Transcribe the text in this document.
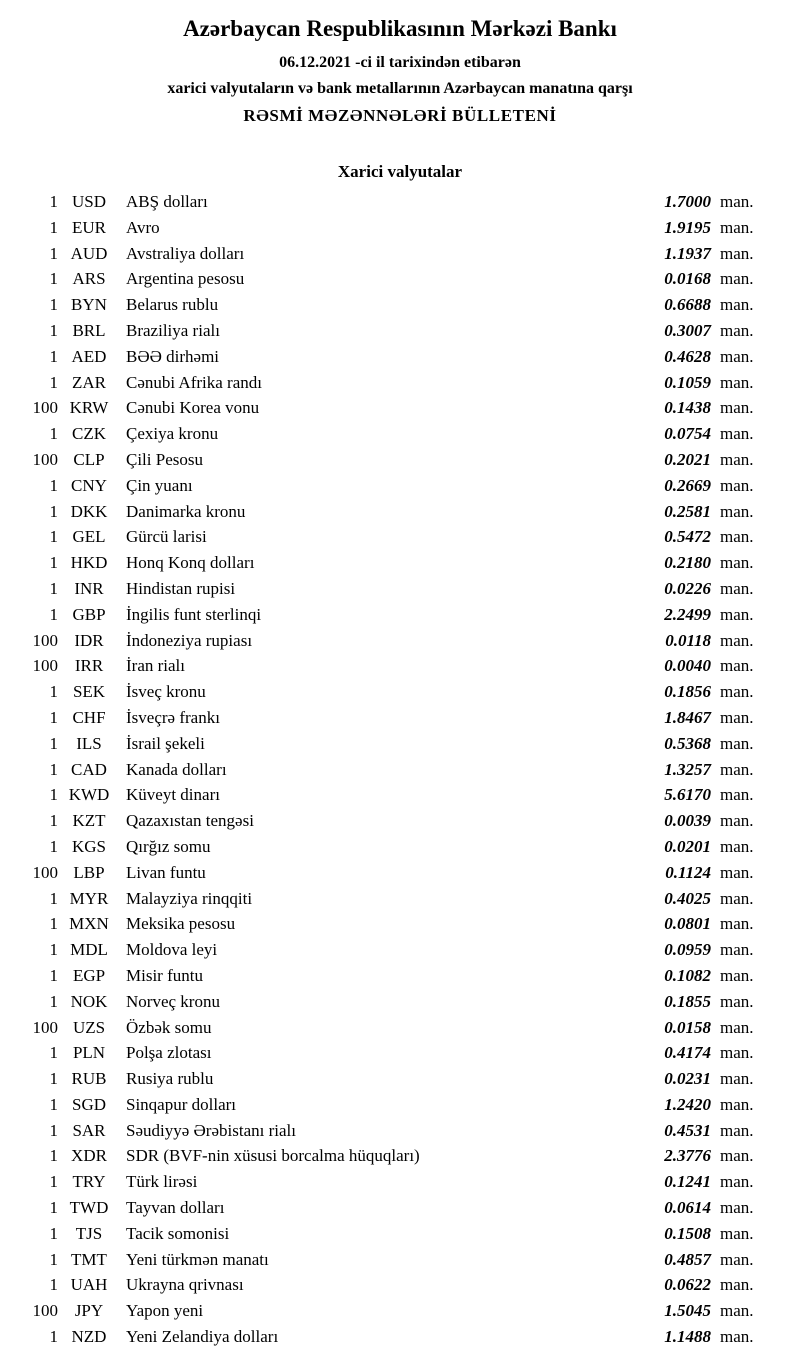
Azərbaycan Respublikasının Mərkəzi Bankı
06.12.2021 -ci il tarixindən etibarən
xarici valyutaların və bank metallarının Azərbaycan manatına qarşı
RƏSMİ MƏZƏNNƏLƏRİ BÜLLETENİ
Xarici valyutalar
1 USD	ABŞ dolları	1.7000 man.
1 EUR	Avro	1.9195 man.
1 AUD	Avstraliya dolları	1.1937 man.
1 ARS	Argentina pesosu	0.0168 man.
1 BYN	Belarus rublu	0.6688 man.
1 BRL	Braziliya rialı	0.3007 man.
1 AED	BƏƏ dirhəmi	0.4628 man.
1 ZAR	Cənubi Afrika randı	0.1059 man.
100 KRW	Cənubi Korea vonu	0.1438 man.
1 CZK	Çexiya kronu	0.0754 man.
100 CLP	Çili Pesosu	0.2021 man.
1 CNY	Çin yuanı	0.2669 man.
1 DKK	Danimarka kronu	0.2581 man.
1 GEL	Gürcü larisi	0.5472 man.
1 HKD	Honq Konq dolları	0.2180 man.
1 INR	Hindistan rupisi	0.0226 man.
1 GBP	İngilis funt sterlinqi	2.2499 man.
100 IDR	İndoneziya rupiası	0.0118 man.
100 IRR	İran rialı	0.0040 man.
1 SEK	İsveç kronu	0.1856 man.
1 CHF	İsveçrə frankı	1.8467 man.
1	ILS	İsrail şekeli	0.5368 man.
1 CAD	Kanada dolları	1.3257 man.
1 KWD Küveyt dinarı	5.6170 man.
1 KZT	Qazaxıstan tengəsi	0.0039 man.
1 KGS	Qırğız somu	0.0201 man.
100 LBP	Livan funtu	0.1124 man.
1 MYR	Malayziya rinqqiti	0.4025 man.
1 MXN	Meksika pesosu	0.0801 man.
1 MDL	Moldova leyi	0.0959 man.
1 EGP	Misir funtu	0.1082 man.
1 NOK	Norveç kronu	0.1855 man.
100 UZS	Özbək somu	0.0158 man.
1 PLN	Polşa zlotası	0.4174 man.
1 RUB	Rusiya rublu	0.0231 man.
1 SGD	Sinqapur dolları	1.2420 man.
1 SAR	Səudiyyə Ərəbistanı rialı	0.4531 man.
1 XDR	SDR (BVF-nin xüsusi borcalma hüquqları)	2.3776 man.
1 TRY	Türk lirəsi	0.1241 man.
1 TWD	Tayvan dolları	0.0614 man.
1	TJS	Tacik somonisi	0.1508 man.
1 TMT	Yeni türkmən manatı	0.4857 man.
1 UAH	Ukrayna qrivnası	0.0622 man.
100 JPY	Yapon yeni	1.5045 man.
1 NZD	Yeni Zelandiya dolları	1.1488 man.
